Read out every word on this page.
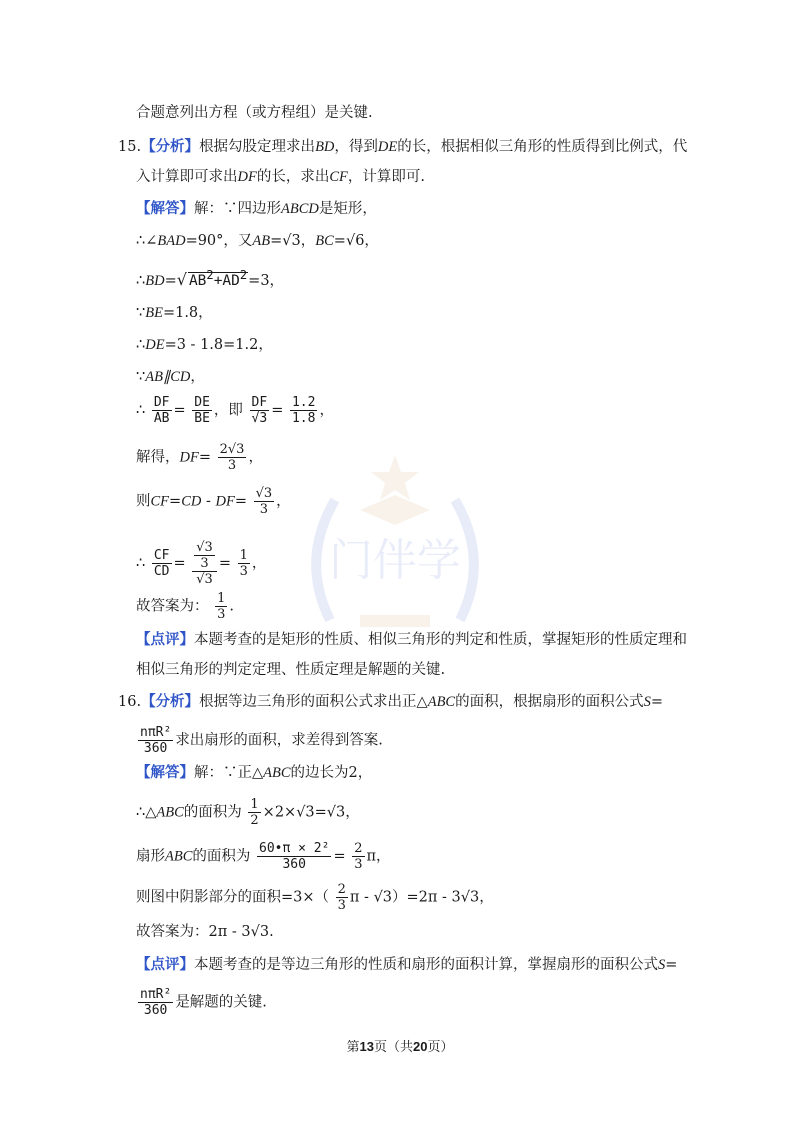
门伴学
合题意列出方程（或方程组）是关键.
15.【分析】根据勾股定理求出BD，得到DE的长，根据相似三角形的性质得到比例式，代
入计算即可求出DF的长，求出CF，计算即可.
【解答】解：∵四边形ABCD是矩形，
∴∠BAD=90°，又AB=√3，BC=√6，
∴BD=√ $AB^2+AD^2=3$，
∵BE=1.8，
∴DE=3 - 1.8=1.2，
∵AB∥CD，
∴ $\frac{DF}{AB} = \frac{DE}{BE}$ ，即 $\frac{DF}{√3} = \frac{1.2}{1.8}$ ，
解得，$DF= \frac{2√3}{3}$ ，
则$CF=CD - DF= \frac{√3}{3}$ ，
∴ $\frac{CF}{CD} = \frac{\frac{√3}{3}}{√3} = \frac{1}{3}$ ，
故答案为： $\frac{1}{3}$ .
【点评】本题考查的是矩形的性质、相似三角形的判定和性质，掌握矩形的性质定理和
相似三角形的判定定理、性质定理是解题的关键.
16.【分析】根据等边三角形的面积公式求出正△ABC的面积，根据扇形的面积公式S=
$\frac{\text{nπR²}}{360}$ 求出扇形的面积，求差得到答案.
【解答】解：∵正△ABC的边长为2，
∴△ABC的面积为 $\frac{1}{2} \times 2\times√3=√3$，
扇形ABC的面积为 $\frac{\text{60•π × 2²}}{360} = \frac{2}{3}$ π，
则图中阴影部分的面积$=3\times( \frac{2}{3}$ π - √3）=2π - 3√3，
故答案为：2π - 3√3.
【点评】本题考查的是等边三角形的性质和扇形的面积计算，掌握扇形的面积公式S=
$\frac{\text{nπR²}}{360}$ 是解题的关键.
第13页（共20页）
